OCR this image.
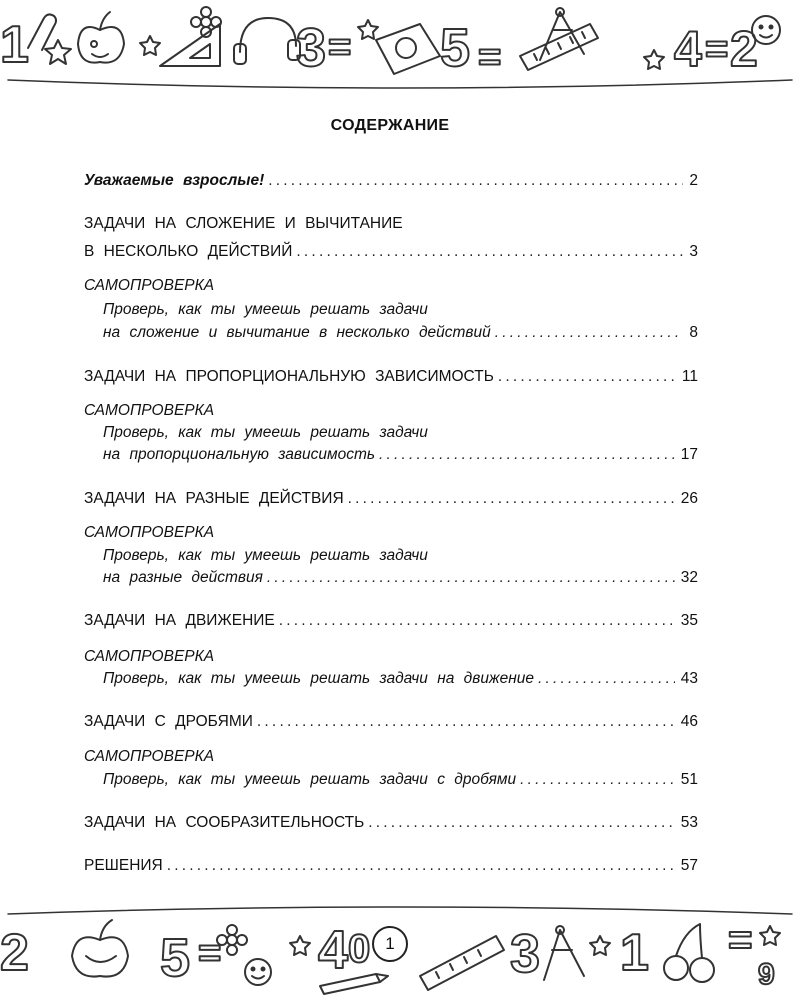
1	3 = 5 =	4 = 2
СОДЕРЖАНИЕ
Уважаемые взрослые! .....	2
ЗАДАЧИ НА СЛОЖЕНИЕ И ВЫЧИТАНИЕ
В НЕСКОЛЬКО ДЕЙСТВИЙ .....	3
САМОПРОВЕРКА
Проверь, как ты умеешь решать задачи
на сложение и вычитание в несколько действий .....	8
ЗАДАЧИ НА ПРОПОРЦИОНАЛЬНУЮ ЗАВИСИМОСТЬ .....	11
САМОПРОВЕРКА
Проверь, как ты умеешь решать задачи
на пропорциональную зависимость .....	17
ЗАДАЧИ НА РАЗНЫЕ ДЕЙСТВИЯ .....	26
САМОПРОВЕРКА
Проверь, как ты умеешь решать задачи
на разные действия .....	32
ЗАДАЧИ НА ДВИЖЕНИЕ .....	35
САМОПРОВЕРКА
Проверь, как ты умеешь решать задачи на движение .....	43
ЗАДАЧИ С ДРОБЯМИ .....	46
САМОПРОВЕРКА
Проверь, как ты умеешь решать задачи с дробями .....	51
ЗАДАЧИ НА СООБРАЗИТЕЛЬНОСТЬ .....	53
РЕШЕНИЯ .....	57
2 5 = 4 0	3 1 =
9
1
